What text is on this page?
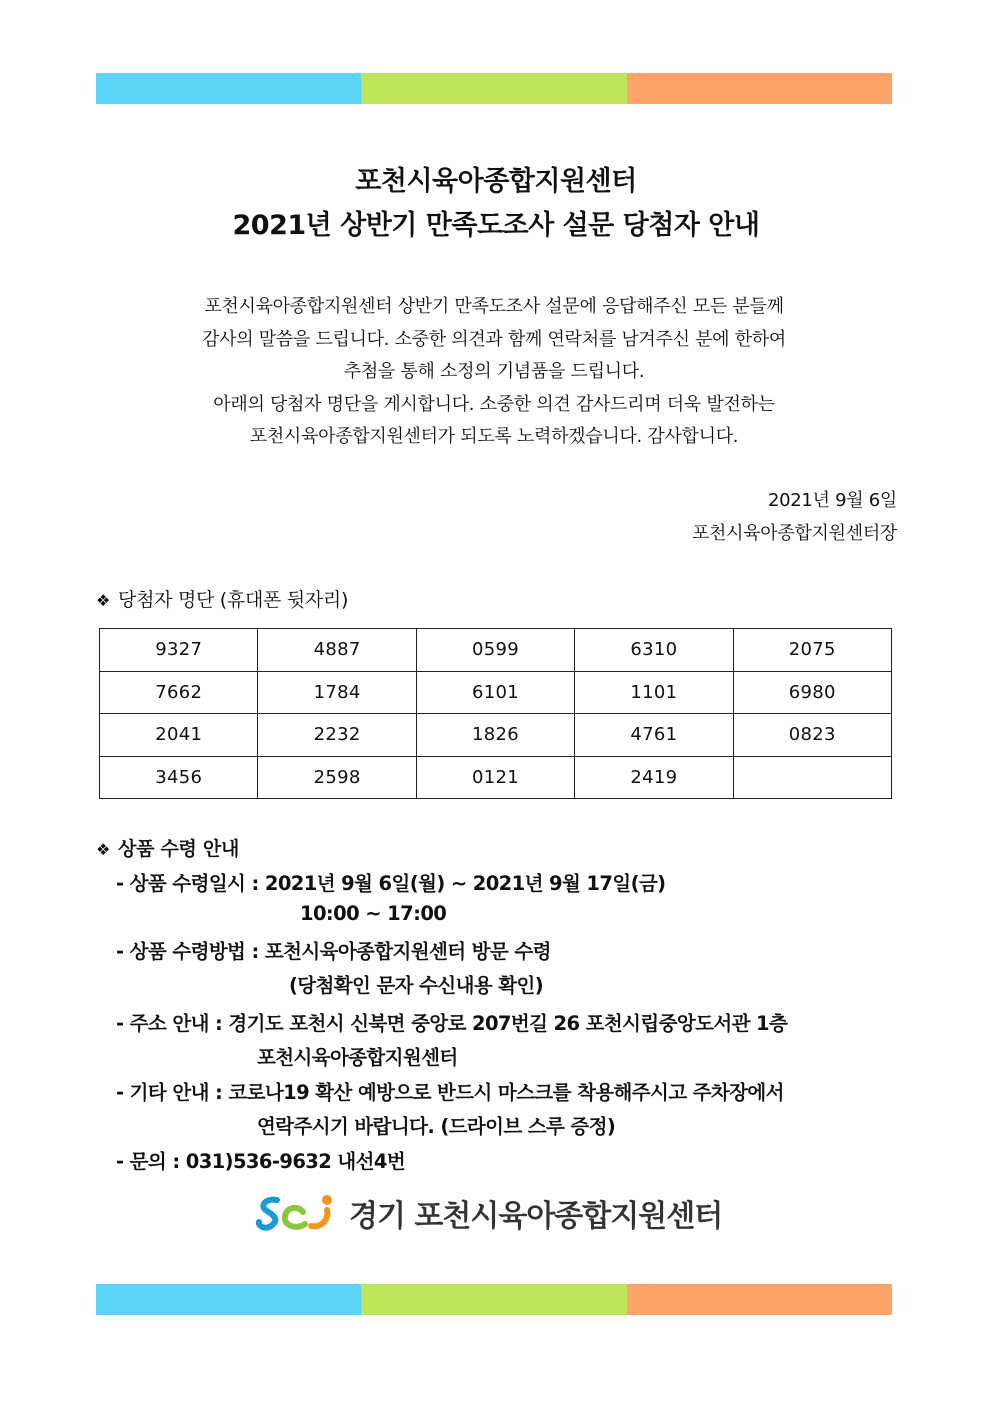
포천시육아종합지원센터
2021년 상반기 만족도조사 설문 당첨자 안내
포천시육아종합지원센터 상반기 만족도조사 설문에 응답해주신 모든 분들께
감사의 말씀을 드립니다. 소중한 의견과 함께 연락처를 남겨주신 분에 한하여
추첨을 통해 소정의 기념품을 드립니다.
아래의 당첨자 명단을 게시합니다. 소중한 의견 감사드리며 더욱 발전하는
포천시육아종합지원센터가 되도록 노력하겠습니다. 감사합니다.
2021년 9월 6일
포천시육아종합지원센터장
❖ 당첨자 명단 (휴대폰 뒷자리)
9327	4887	0599	6310	2075
7662	1784	6101	1101	6980
2041	2232	1826	4761	0823
3456	2598	0121	2419	
❖ 상품 수령 안내
- 상품 수령일시 : 2021년 9월 6일(월) ~ 2021년 9월 17일(금)
10:00 ~ 17:00
- 상품 수령방법 : 포천시육아종합지원센터 방문 수령
(당첨확인 문자 수신내용 확인)
- 주소 안내 : 경기도 포천시 신북면 중앙로 207번길 26 포천시립중앙도서관 1층
포천시육아종합지원센터
- 기타 안내 : 코로나19 확산 예방으로 반드시 마스크를 착용해주시고 주차장에서
연락주시기 바랍니다. (드라이브 스루 증정)
- 문의 : 031)536-9632 내선4번
경기 포천시육아종합지원센터
